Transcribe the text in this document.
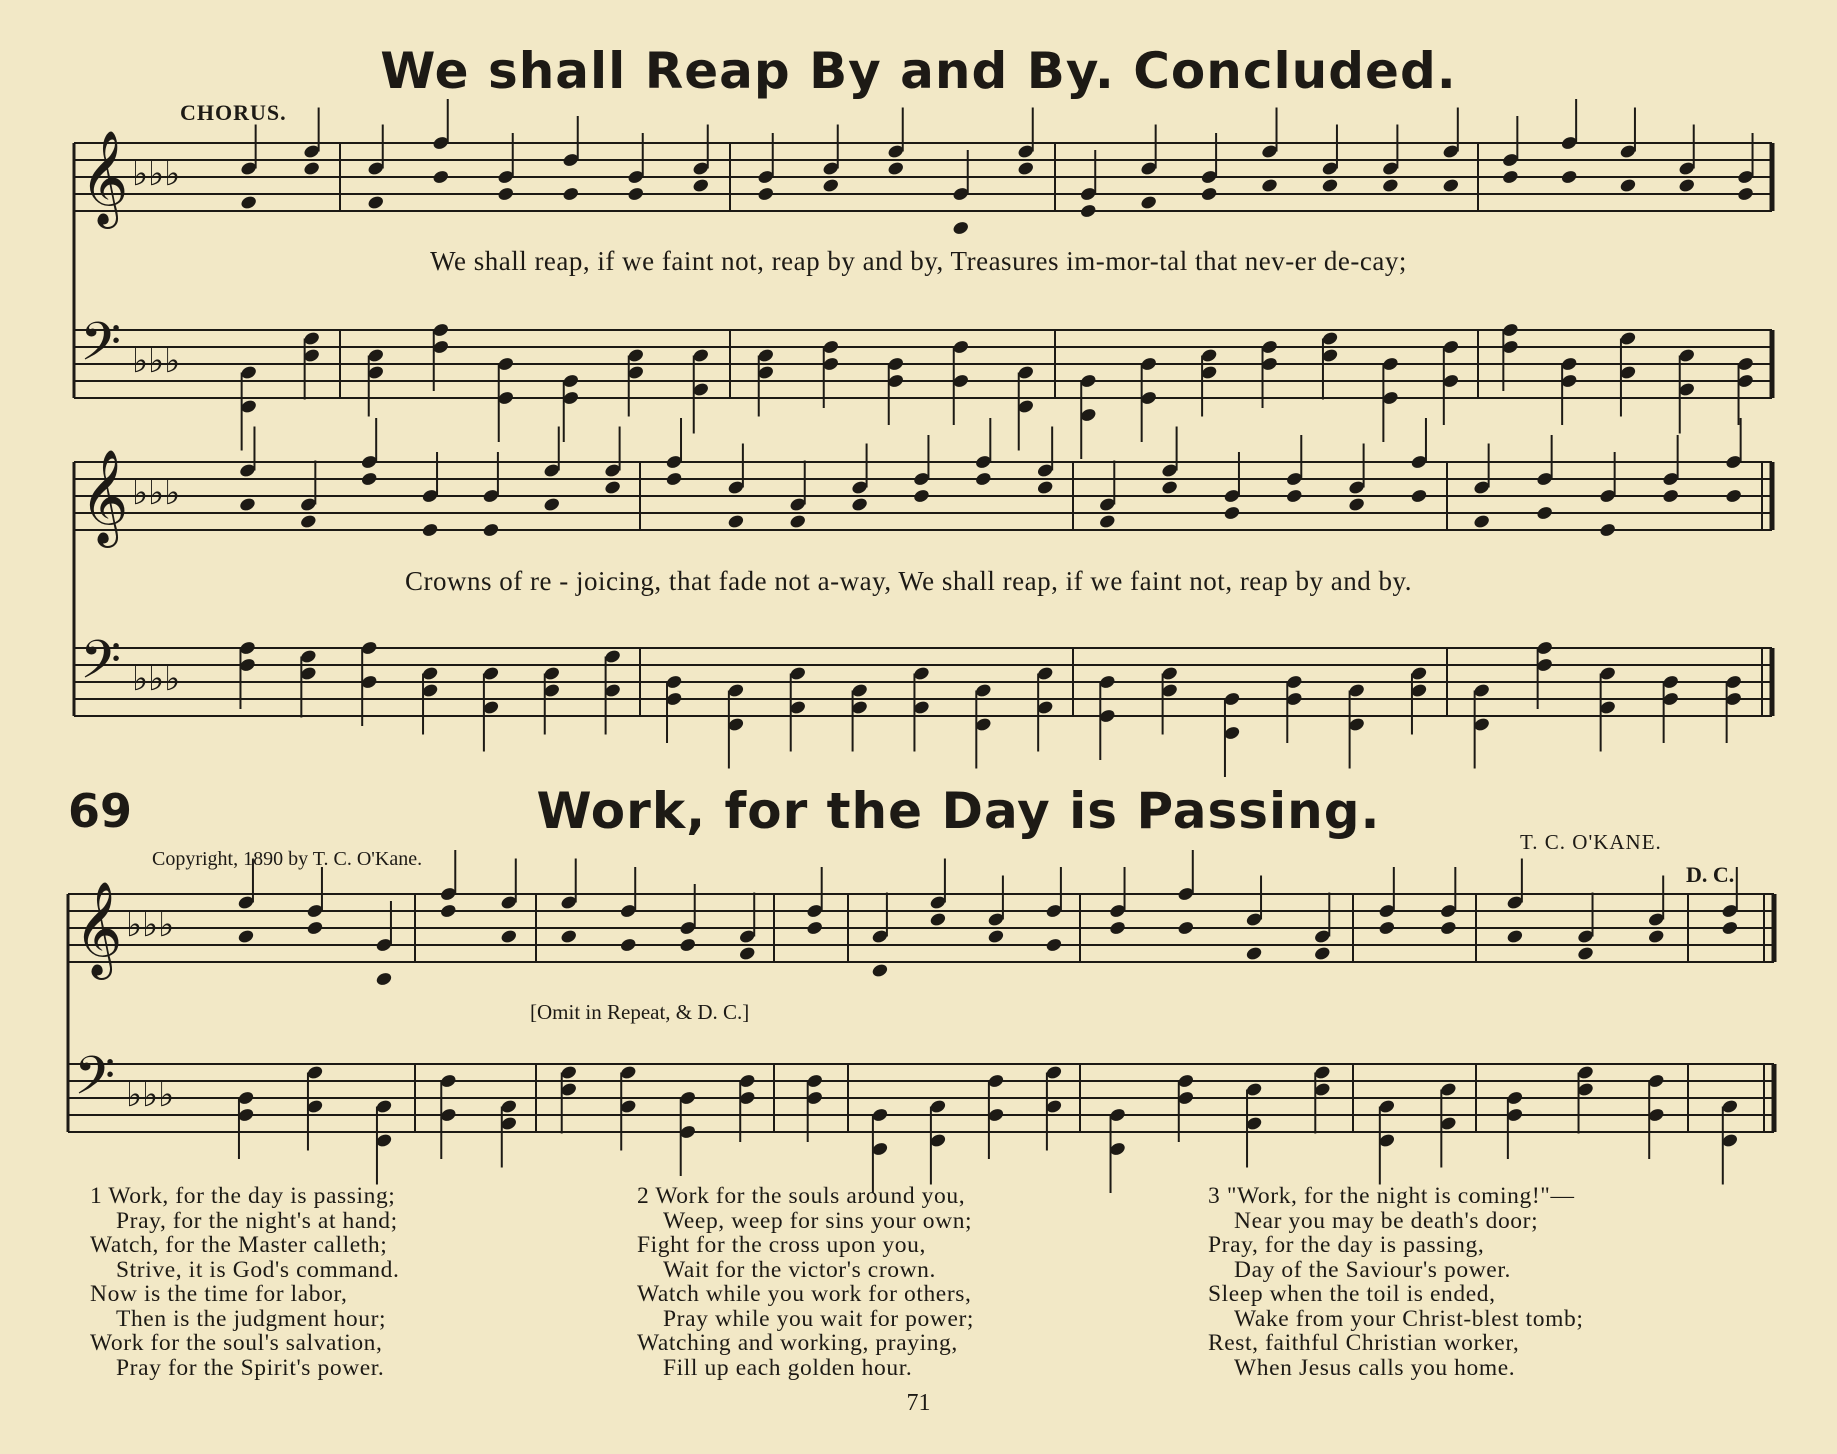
We shall Reap By and By. Concluded.
CHORUS.
We shall reap, if we faint not, reap by and by, Treasures im-mor-tal that nev-er de-cay;
Crowns of re - joicing, that fade not a-way, We shall reap, if we faint not, reap by and by.
69	Work, for the Day is Passing.
Copyright, 1890 by T. C. O'Kane.
T. C. O'KANE.
D. C.
[Omit in Repeat, & D. C.]
𝄞 ♭♭♭
𝄢 ♭♭♭
𝄞 ♭♭♭
𝄢 ♭♭♭
𝄞 ♭♭♭
𝄢 ♭♭♭
1 Work, for the day is passing;
Pray, for the night's at hand;
Watch, for the Master calleth;
Strive, it is God's command.
Now is the time for labor,
Then is the judgment hour;
Work for the soul's salvation,
Pray for the Spirit's power.
2 Work for the souls around you,
Weep, weep for sins your own;
Fight for the cross upon you,
Wait for the victor's crown.
Watch while you work for others,
Pray while you wait for power;
Watching and working, praying,
Fill up each golden hour.
3 "Work, for the night is coming!"—
Near you may be death's door;
Pray, for the day is passing,
Day of the Saviour's power.
Sleep when the toil is ended,
Wake from your Christ-blest tomb;
Rest, faithful Christian worker,
When Jesus calls you home.
71
